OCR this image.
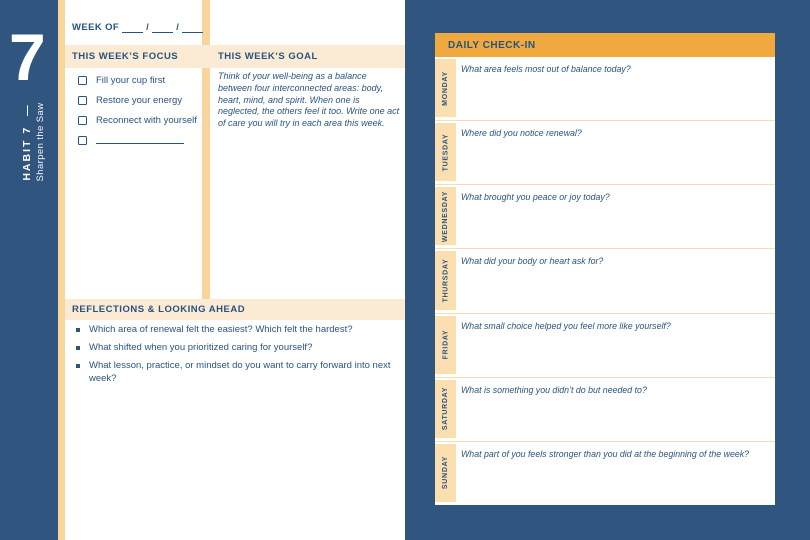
7
HABIT 7
— Sharpen the Saw
WEEK OF	/	/
THIS WEEK’S FOCUS	THIS WEEK’S GOAL
Fill your cup first
Restore your energy
Reconnect with yourself
Think of your well-being as a balance between four interconnected areas: body, heart, mind, and spirit. When one is neglected, the others feel it too. Write one act of care you will try in each area this week.
REFLECTIONS & LOOKING AHEAD
Which area of renewal felt the easiest? Which felt the hardest?
What shifted when you prioritized caring for yourself?
What lesson, practice, or mindset do you want to carry forward into next week?
DAILY CHECK-IN
MONDAY
What area feels most out of balance today?
TUESDAY
Where did you notice renewal?
WEDNESDAY What brought you peace or joy today?
THURSDAY What did your body or heart ask for?
FRIDAY
What small choice helped you feel more like yourself?
SATURDAY What is something you didn’t do but needed to?
SUNDAY
What part of you feels stronger than you did at the beginning of the week?
